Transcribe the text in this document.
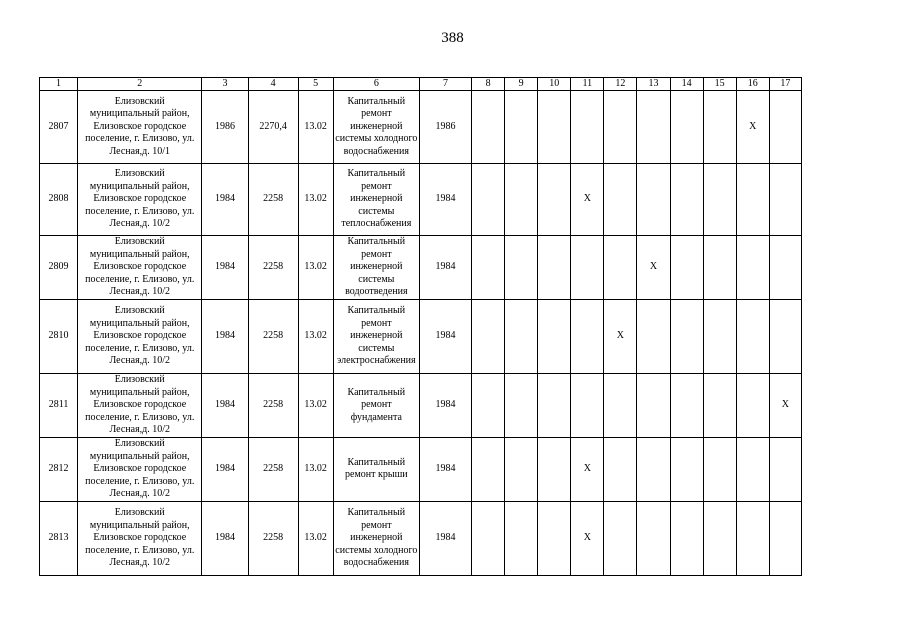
388
1	2	3	4	5	6	7	8	9	10	11	12	13	14	15	16	17
2807	Елизовский муниципальный район, Елизовское городское поселение, г. Елизово, ул. Лесная,д. 10/1	1986	2270,4	13.02	Капитальный ремонт инженерной системы холодного водоснабжения	1986									X	
2808	Елизовский муниципальный район, Елизовское городское поселение, г. Елизово, ул. Лесная,д. 10/2	1984	2258	13.02	Капитальный ремонт инженерной системы теплоснабжения	1984				X						
2809	Елизовский муниципальный район, Елизовское городское поселение, г. Елизово, ул. Лесная,д. 10/2	1984	2258	13.02	Капитальный ремонт инженерной системы водоотведения	1984						X				
2810	Елизовский муниципальный район, Елизовское городское поселение, г. Елизово, ул. Лесная,д. 10/2	1984	2258	13.02	Капитальный ремонт инженерной системы электроснабжения	1984					X					
2811	Елизовский муниципальный район, Елизовское городское поселение, г. Елизово, ул. Лесная,д. 10/2	1984	2258	13.02	Капитальный ремонт фундамента	1984										X
2812	Елизовский муниципальный район, Елизовское городское поселение, г. Елизово, ул. Лесная,д. 10/2	1984	2258	13.02	Капитальный ремонт крыши	1984				X						
2813	Елизовский муниципальный район, Елизовское городское поселение, г. Елизово, ул. Лесная,д. 10/2	1984	2258	13.02	Капитальный ремонт инженерной системы холодного водоснабжения	1984				X						
